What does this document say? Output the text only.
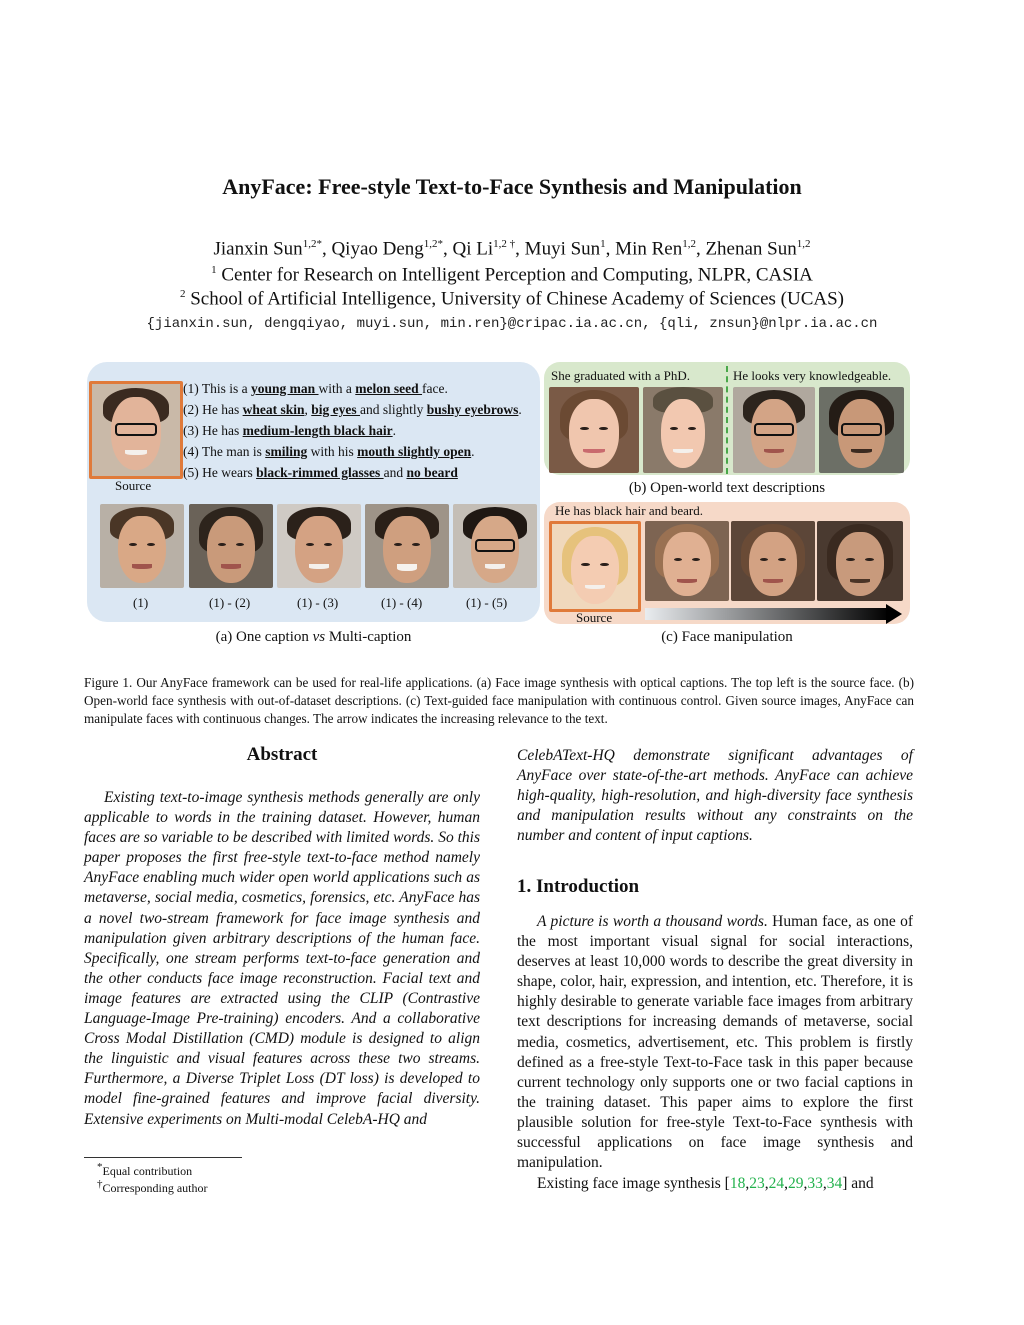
AnyFace: Free-style Text-to-Face Synthesis and Manipulation
Jianxin Sun$^{1,2*}$, Qiyao Deng$^{1,2*}$, Qi $Li^{1,2 \dagger}$, Muyi Sun$^1$, Min Ren$^{1,2}$, Zhenan Sun$^{1,2}$
$^1$ Center for Research on Intelligent Perception and Computing, NLPR, CASIA
$^2$ School of Artificial Intelligence, University of Chinese Academy of Sciences (UCAS)
{jianxin.sun, dengqiyao, muyi.sun, min.ren}@cripac.ia.ac.cn, {qli, znsun}@nlpr.ia.ac.cn
Source
(1) This is a young man with a melon seed face.
(2) He has wheat skin, big eyes and slightly bushy eyebrows.
(3) He has medium-length black hair.
(4) The man is smiling with his mouth slightly open.
(5) He wears black-rimmed glasses and no beard
(1)	(1) - (2)	(1) - (3)	(1) - (4)	(1) - (5)
(a) One caption vs Multi-caption
She graduated with a PhD.	He looks very knowledgeable.
(b) Open-world text descriptions
He has black hair and beard.
Source
(c) Face manipulation
Figure 1. Our AnyFace framework can be used for real-life applications. (a) Face image synthesis with optical captions. The top left is the source face. (b) Open-world face synthesis with out-of-dataset descriptions. (c) Text-guided face manipulation with continuous control. Given source images, AnyFace can manipulate faces with continuous changes. The arrow indicates the increasing relevance to the text.
Abstract
Existing text-to-image synthesis methods generally are only applicable to words in the training dataset. However, human faces are so variable to be described with limited words. So this paper proposes the first free-style text-to-face method namely AnyFace enabling much wider open world applications such as metaverse, social media, cosmetics, forensics, etc. AnyFace has a novel two-stream framework for face image synthesis and manipulation given arbitrary descriptions of the human face. Specifically, one stream performs text-to-face generation and the other conducts face image reconstruction. Facial text and image features are extracted using the CLIP (Contrastive Language-Image Pre-training) encoders. And a collaborative Cross Modal Distillation (CMD) module is designed to align the linguistic and visual features across these two streams. Furthermore, a Diverse Triplet Loss (DT loss) is developed to model fine-grained features and improve facial diversity. Extensive experiments on Multi-modal CelebA-HQ and
*Equal contribution
†Corresponding author
CelebAText-HQ demonstrate significant advantages of AnyFace over state-of-the-art methods. AnyFace can achieve high-quality, high-resolution, and high-diversity face synthesis and manipulation results without any constraints on the number and content of input captions.
1. Introduction
A picture is worth a thousand words. Human face, as one of the most important visual signal for social interactions, deserves at least 10,000 words to describe the great diversity in shape, color, hair, expression, and intention, etc. Therefore, it is highly desirable to generate variable face images from arbitrary text descriptions for increasing demands of metaverse, social media, cosmetics, advertisement, etc. This problem is firstly defined as a free-style Text-to-Face task in this paper because current technology only supports one or two facial captions in the training dataset. This paper aims to explore the first plausible solution for free-style Text-to-Face synthesis with successful applications on face image synthesis and manipulation.
Existing face image synthesis [18,23,24,29,33,34] and
